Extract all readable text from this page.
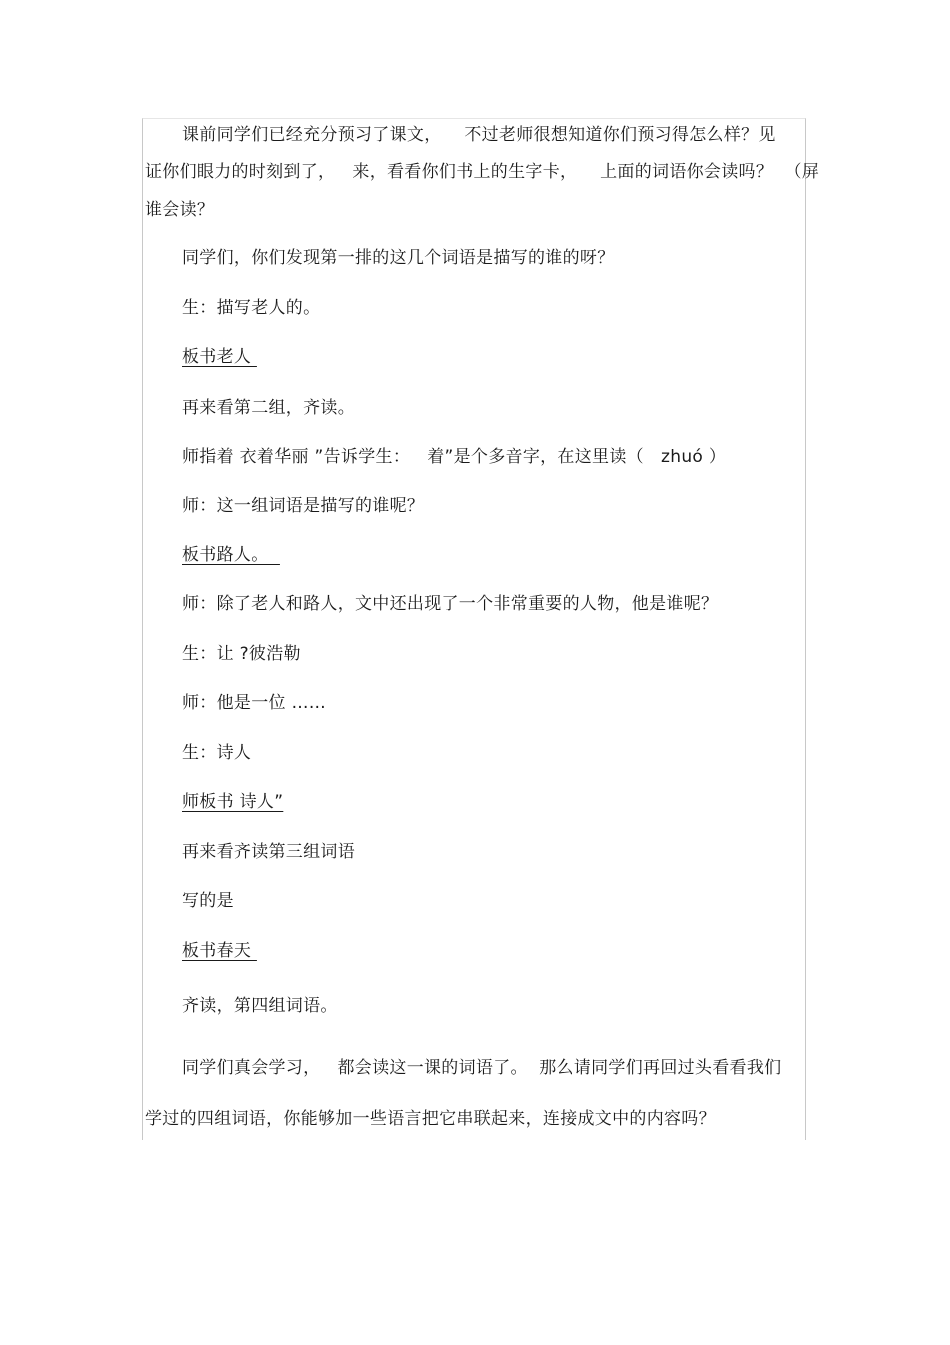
课前同学们已经充分预习了课文，    不过老师很想知道你们预习得怎么样？见
证你们眼力的时刻到了，   来，看看你们书上的生字卡，    上面的词语你会读吗？  （屏
谁会读？
同学们，你们发现第一排的这几个词语是描写的谁的呀？
生：描写老人的。
板书老人
再来看第二组，齐读。
师指着 衣着华丽 ”告诉学生：   着”是个多音字，在这里读（   zhuó ）
师：这一组词语是描写的谁呢？
板书路人。
师：除了老人和路人，文中还出现了一个非常重要的人物，他是谁呢？
生：让 ?彼浩勒
师：他是一位 ……
生：诗人
师板书 诗人”
再来看齐读第三组词语
写的是
板书春天
齐读，第四组词语。
同学们真会学习，   都会读这一课的词语了。  那么请同学们再回过头看看我们
学过的四组词语，你能够加一些语言把它串联起来，连接成文中的内容吗？
